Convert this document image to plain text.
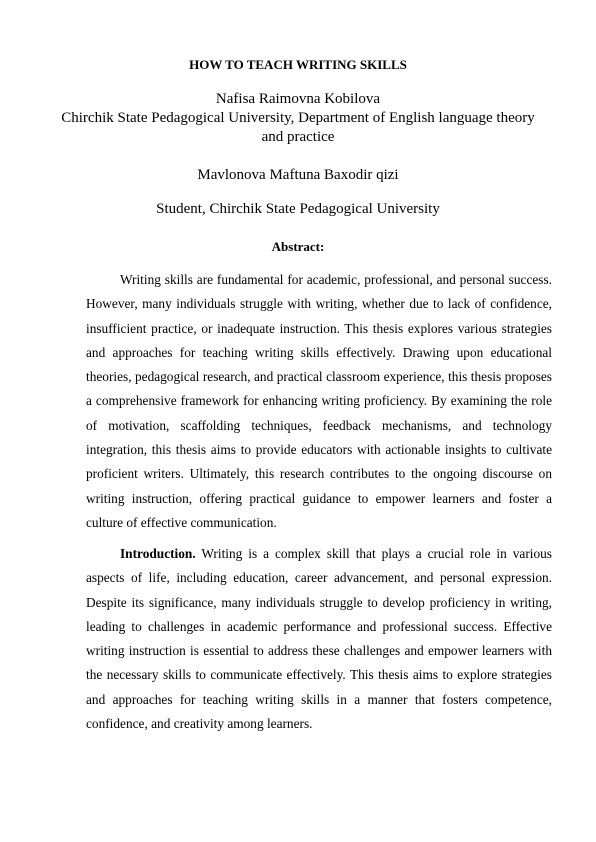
HOW TO TEACH WRITING SKILLS
Nafisa Raimovna Kobilova
Chirchik State Pedagogical University, Department of English language theory and practice
Mavlonova Maftuna Baxodir qizi
Student, Chirchik State Pedagogical University
Abstract:

Writing skills are fundamental for academic, professional, and personal success. However, many individuals struggle with writing, whether due to lack of confidence, insufficient practice, or inadequate instruction. This thesis explores various strategies and approaches for teaching writing skills effectively. Drawing upon educational theories, pedagogical research, and practical classroom experience, this thesis proposes a comprehensive framework for enhancing writing proficiency. By examining the role of motivation, scaffolding techniques, feedback mechanisms, and technology integration, this thesis aims to provide educators with actionable insights to cultivate proficient writers. Ultimately, this research contributes to the ongoing discourse on writing instruction, offering practical guidance to empower learners and foster a culture of effective communication.

Introduction. Writing is a complex skill that plays a crucial role in various aspects of life, including education, career advancement, and personal expression. Despite its significance, many individuals struggle to develop proficiency in writing, leading to challenges in academic performance and professional success. Effective writing instruction is essential to address these challenges and empower learners with the necessary skills to communicate effectively. This thesis aims to explore strategies and approaches for teaching writing skills in a manner that fosters competence, confidence, and creativity among learners.
